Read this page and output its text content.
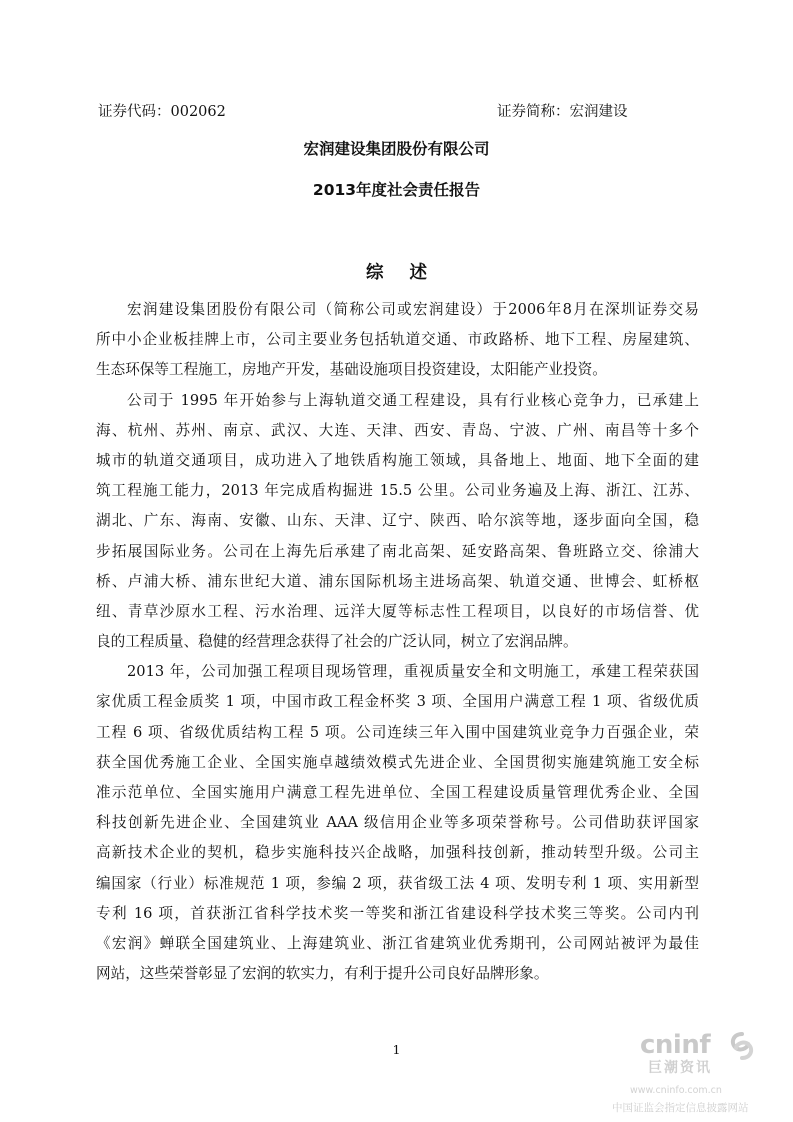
证券代码：002062	证券简称：宏润建设
宏润建设集团股份有限公司
2013年度社会责任报告
综 述
宏润建设集团股份有限公司（简称公司或宏润建设）于2006年8月在深圳证券交易
所中小企业板挂牌上市，公司主要业务包括轨道交通、市政路桥、地下工程、房屋建筑、
生态环保等工程施工，房地产开发，基础设施项目投资建设，太阳能产业投资。
公司于 1995 年开始参与上海轨道交通工程建设，具有行业核心竞争力，已承建上
海、杭州、苏州、南京、武汉、大连、天津、西安、青岛、宁波、广州、南昌等十多个
城市的轨道交通项目，成功进入了地铁盾构施工领域，具备地上、地面、地下全面的建
筑工程施工能力，2013 年完成盾构掘进 15.5 公里。公司业务遍及上海、浙江、江苏、
湖北、广东、海南、安徽、山东、天津、辽宁、陕西、哈尔滨等地，逐步面向全国，稳
步拓展国际业务。公司在上海先后承建了南北高架、延安路高架、鲁班路立交、徐浦大
桥、卢浦大桥、浦东世纪大道、浦东国际机场主进场高架、轨道交通、世博会、虹桥枢
纽、青草沙原水工程、污水治理、远洋大厦等标志性工程项目，以良好的市场信誉、优
良的工程质量、稳健的经营理念获得了社会的广泛认同，树立了宏润品牌。
2013 年，公司加强工程项目现场管理，重视质量安全和文明施工，承建工程荣获国
家优质工程金质奖 1 项，中国市政工程金杯奖 3 项、全国用户满意工程 1 项、省级优质
工程 6 项、省级优质结构工程 5 项。公司连续三年入围中国建筑业竞争力百强企业，荣
获全国优秀施工企业、全国实施卓越绩效模式先进企业、全国贯彻实施建筑施工安全标
准示范单位、全国实施用户满意工程先进单位、全国工程建设质量管理优秀企业、全国
科技创新先进企业、全国建筑业 AAA 级信用企业等多项荣誉称号。公司借助获评国家
高新技术企业的契机，稳步实施科技兴企战略，加强科技创新，推动转型升级。公司主
编国家（行业）标准规范 1 项，参编 2 项，获省级工法 4 项、发明专利 1 项、实用新型
专利 16 项，首获浙江省科学技术奖一等奖和浙江省建设科学技术奖三等奖。公司内刊
《宏润》蝉联全国建筑业、上海建筑业、浙江省建筑业优秀期刊，公司网站被评为最佳
网站，这些荣誉彰显了宏润的软实力，有利于提升公司良好品牌形象。
1	cninf
巨潮资讯
www.cninfo.com.cn
中国证监会指定信息披露网站
